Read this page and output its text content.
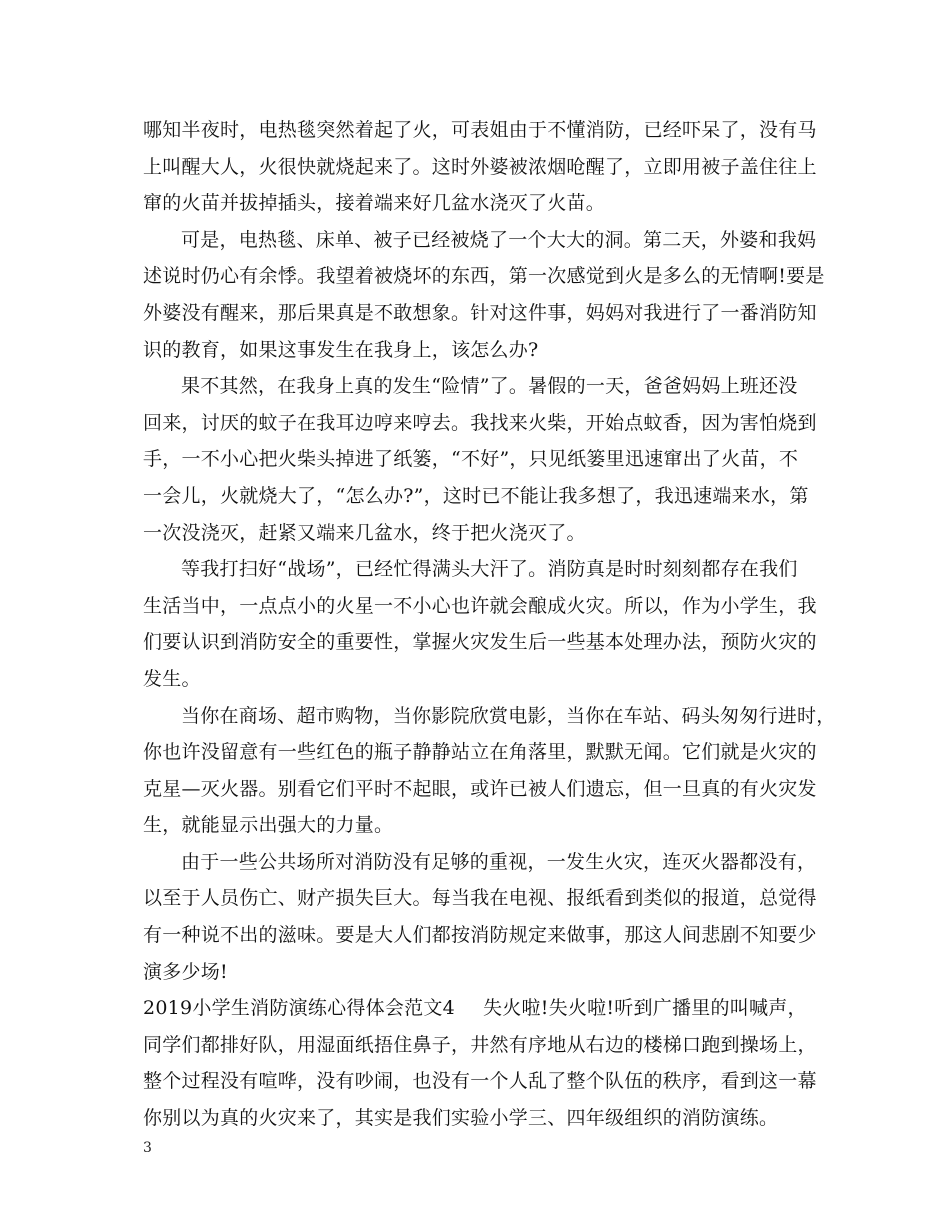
哪知半夜时，电热毯突然着起了火，可表姐由于不懂消防，已经吓呆了，没有马
上叫醒大人，火很快就烧起来了。这时外婆被浓烟呛醒了，立即用被子盖住往上
窜的火苗并拔掉插头，接着端来好几盆水浇灭了火苗。
可是，电热毯、床单、被子已经被烧了一个大大的洞。第二天，外婆和我妈
述说时仍心有余悸。我望着被烧坏的东西，第一次感觉到火是多么的无情啊!要是
外婆没有醒来，那后果真是不敢想象。针对这件事，妈妈对我进行了一番消防知
识的教育，如果这事发生在我身上，该怎么办?
果不其然，在我身上真的发生“险情”了。暑假的一天，爸爸妈妈上班还没
回来，讨厌的蚊子在我耳边哼来哼去。我找来火柴，开始点蚊香，因为害怕烧到
手，一不小心把火柴头掉进了纸篓，“不好”，只见纸篓里迅速窜出了火苗，不
一会儿，火就烧大了，“怎么办?”，这时已不能让我多想了，我迅速端来水，第
一次没浇灭，赶紧又端来几盆水，终于把火浇灭了。
等我打扫好“战场”，已经忙得满头大汗了。消防真是时时刻刻都存在我们
生活当中，一点点小的火星一不小心也许就会酿成火灾。所以，作为小学生，我
们要认识到消防安全的重要性，掌握火灾发生后一些基本处理办法，预防火灾的
发生。
当你在商场、超市购物，当你影院欣赏电影，当你在车站、码头匆匆行进时，
你也许没留意有一些红色的瓶子静静站立在角落里，默默无闻。它们就是火灾的
克星—灭火器。别看它们平时不起眼，或许已被人们遗忘，但一旦真的有火灾发
生，就能显示出强大的力量。
由于一些公共场所对消防没有足够的重视，一发生火灾，连灭火器都没有，
以至于人员伤亡、财产损失巨大。每当我在电视、报纸看到类似的报道，总觉得
有一种说不出的滋味。要是大人们都按消防规定来做事，那这人间悲剧不知要少
演多少场!
2019小学生消防演练心得体会范文4 失火啦!失火啦!听到广播里的叫喊声，
同学们都排好队，用湿面纸捂住鼻子，井然有序地从右边的楼梯口跑到操场上，
整个过程没有喧哗，没有吵闹，也没有一个人乱了整个队伍的秩序，看到这一幕
你别以为真的火灾来了，其实是我们实验小学三、四年级组织的消防演练。
3
